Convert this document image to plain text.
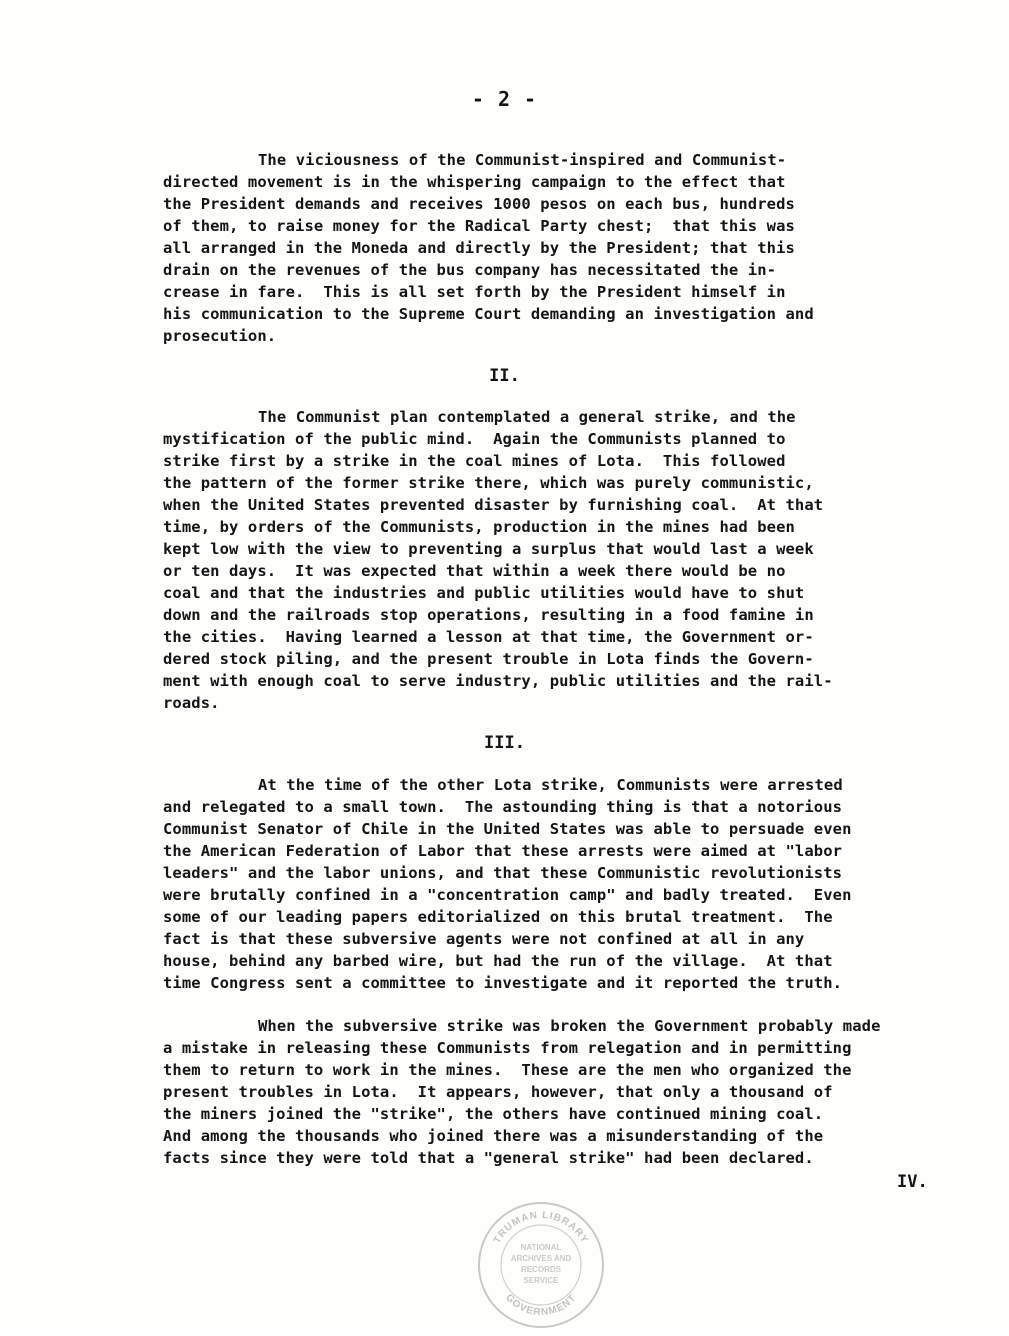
- 2 -
The viciousness of the Communist-inspired and Communist-
directed movement is in the whispering campaign to the effect that
the President demands and receives 1000 pesos on each bus, hundreds
of them, to raise money for the Radical Party chest;  that this was
all arranged in the Moneda and directly by the President; that this
drain on the revenues of the bus company has necessitated the in-
crease in fare.  This is all set forth by the President himself in
his communication to the Supreme Court demanding an investigation and
prosecution.
II.
The Communist plan contemplated a general strike, and the
mystification of the public mind.  Again the Communists planned to
strike first by a strike in the coal mines of Lota.  This followed
the pattern of the former strike there, which was purely communistic,
when the United States prevented disaster by furnishing coal.  At that
time, by orders of the Communists, production in the mines had been
kept low with the view to preventing a surplus that would last a week
or ten days.  It was expected that within a week there would be no
coal and that the industries and public utilities would have to shut
down and the railroads stop operations, resulting in a food famine in
the cities.  Having learned a lesson at that time, the Government or-
dered stock piling, and the present trouble in Lota finds the Govern-
ment with enough coal to serve industry, public utilities and the rail-
roads.
III.
At the time of the other Lota strike, Communists were arrested
and relegated to a small town.  The astounding thing is that a notorious
Communist Senator of Chile in the United States was able to persuade even
the American Federation of Labor that these arrests were aimed at "labor
leaders" and the labor unions, and that these Communistic revolutionists
were brutally confined in a "concentration camp" and badly treated.  Even
some of our leading papers editorialized on this brutal treatment.  The
fact is that these subversive agents were not confined at all in any
house, behind any barbed wire, but had the run of the village.  At that
time Congress sent a committee to investigate and it reported the truth.
When the subversive strike was broken the Government probably made
a mistake in releasing these Communists from relegation and in permitting
them to return to work in the mines.  These are the men who organized the
present troubles in Lota.  It appears, however, that only a thousand of
the miners joined the "strike", the others have continued mining coal.
And among the thousands who joined there was a misunderstanding of the
facts since they were told that a "general strike" had been declared.
IV.
TRUMAN LIBRARY
GOVERNMENT
NATIONAL
ARCHIVES AND
RECORDS
SERVICE
